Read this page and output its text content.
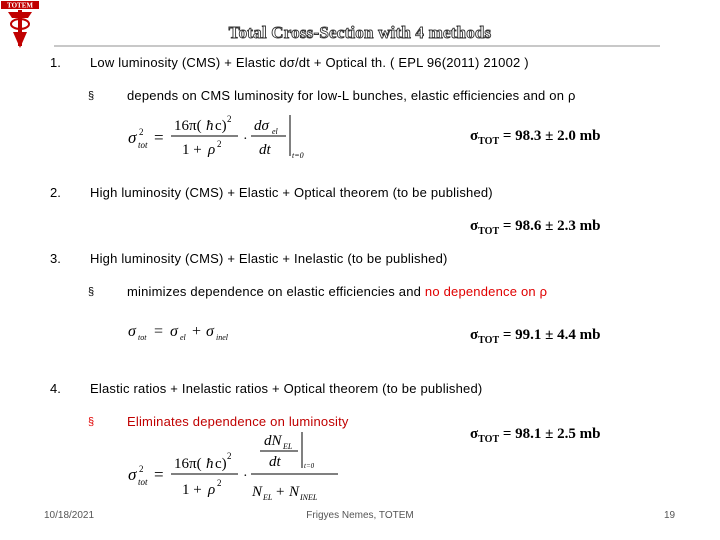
TOTEM
Total Cross-Section with 4 methods
1. Low luminosity (CMS) + Elastic dσ/dt + Optical th. ( EPL 96(2011) 21002 )
§	depends on CMS luminosity for low-L bunches, elastic efficiencies and on ρ
σ 2
tot =
16π( ħ c) 2
1 + ρ 2 ·
dσ el
dt	t=0
$\sigma_{TOT} = 98.3 \pm 2.0$ mb
2. High luminosity (CMS) + Elastic + Optical theorem (to be published)
$\sigma_{TOT} = 98.6 \pm 2.3$ mb
3. High luminosity (CMS) + Elastic + Inelastic (to be published)
§	minimizes dependence on elastic efficiencies and no dependence on ρ
σ tot = σ el + σ inel	$\sigma_{TOT} = 99.1 \pm 4.4$ mb
4. Elastic ratios + Inelastic ratios + Optical theorem (to be published)
§	Eliminates dependence on luminosity
σ 2
tot =
16π( ħ c) 2
1 + ρ 2 ·
dN EL
dt	t=0
N EL + N INEL
$\sigma_{TOT} = 98.1 \pm 2.5$ mb
10/18/2021	Frigyes Nemes, TOTEM	19
